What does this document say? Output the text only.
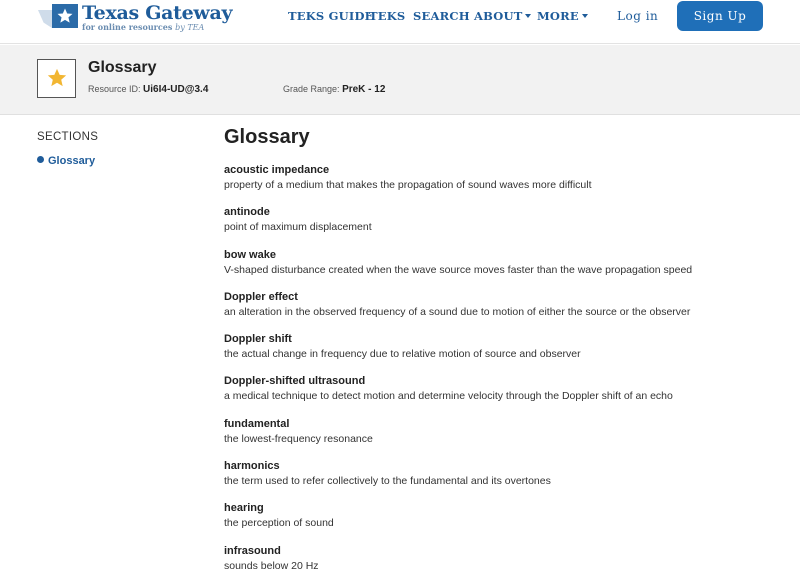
Texas Gateway
for online resources by TEA
TEKS GUIDE
TEKS SEARCH ABOUT	MORE	Log in	Sign Up
Glossary
Resource ID: Ui6I4-UD@3.4	Grade Range: PreK - 12
SECTIONS
Glossary
Glossary
acoustic impedance
property of a medium that makes the propagation of sound waves more difficult
antinode
point of maximum displacement
bow wake
V-shaped disturbance created when the wave source moves faster than the wave propagation speed
Doppler effect
an alteration in the observed frequency of a sound due to motion of either the source or the observer
Doppler shift
the actual change in frequency due to relative motion of source and observer
Doppler-shifted ultrasound
a medical technique to detect motion and determine velocity through the Doppler shift of an echo
fundamental
the lowest-frequency resonance
harmonics
the term used to refer collectively to the fundamental and its overtones
hearing
the perception of sound
infrasound
sounds below 20 Hz
